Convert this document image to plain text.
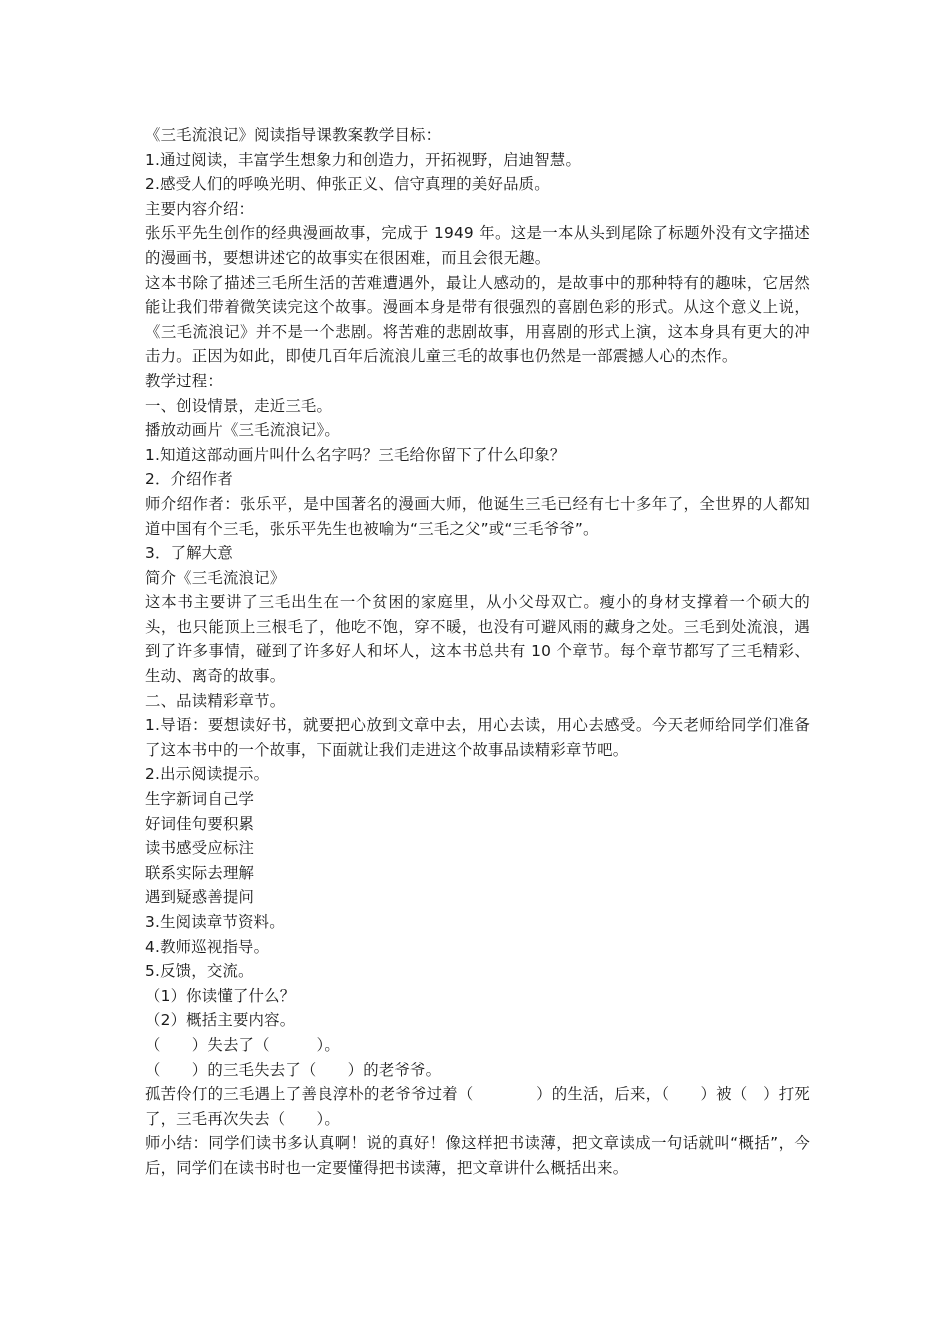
《三毛流浪记》阅读指导课教案教学目标：

1.通过阅读，丰富学生想象力和创造力，开拓视野，启迪智慧。

2.感受人们的呼唤光明、伸张正义、信守真理的美好品质。

主要内容介绍：

张乐平先生创作的经典漫画故事，完成于 1949 年。这是一本从头到尾除了标题外没有文字描述的漫画书，要想讲述它的故事实在很困难，而且会很无趣。

这本书除了描述三毛所生活的苦难遭遇外，最让人感动的，是故事中的那种特有的趣味，它居然能让我们带着微笑读完这个故事。漫画本身是带有很强烈的喜剧色彩的形式。从这个意义上说，《三毛流浪记》并不是一个悲剧。将苦难的悲剧故事，用喜剧的形式上演，这本身具有更大的冲击力。正因为如此，即使几百年后流浪儿童三毛的故事也仍然是一部震撼人心的杰作。

教学过程：

一、创设情景，走近三毛。

播放动画片《三毛流浪记》。

1.知道这部动画片叫什么名字吗？三毛给你留下了什么印象？

2．介绍作者

师介绍作者：张乐平，是中国著名的漫画大师，他诞生三毛已经有七十多年了，全世界的人都知道中国有个三毛，张乐平先生也被喻为“三毛之父”或“三毛爷爷”。

3．了解大意

简介《三毛流浪记》

这本书主要讲了三毛出生在一个贫困的家庭里，从小父母双亡。瘦小的身材支撑着一个硕大的头，也只能顶上三根毛了，他吃不饱，穿不暖，也没有可避风雨的藏身之处。三毛到处流浪，遇到了许多事情，碰到了许多好人和坏人，这本书总共有 10 个章节。每个章节都写了三毛精彩、生动、离奇的故事。

二、品读精彩章节。

1.导语：要想读好书，就要把心放到文章中去，用心去读，用心去感受。今天老师给同学们准备了这本书中的一个故事，下面就让我们走进这个故事品读精彩章节吧。

2.出示阅读提示。

生字新词自己学

好词佳句要积累

读书感受应标注

联系实际去理解

遇到疑惑善提问

3.生阅读章节资料。

4.教师巡视指导。

5.反馈，交流。

（1）你读懂了什么？

（2）概括主要内容。

（　　）失去了（　　　）。

（　　）的三毛失去了（　　）的老爷爷。

孤苦伶仃的三毛遇上了善良淳朴的老爷爷过着（　　　　）的生活，后来，（　　）被（　）打死了，三毛再次失去（　　）。

师小结：同学们读书多认真啊！说的真好！像这样把书读薄，把文章读成一句话就叫“概括”，今后，同学们在读书时也一定要懂得把书读薄，把文章讲什么概括出来。
